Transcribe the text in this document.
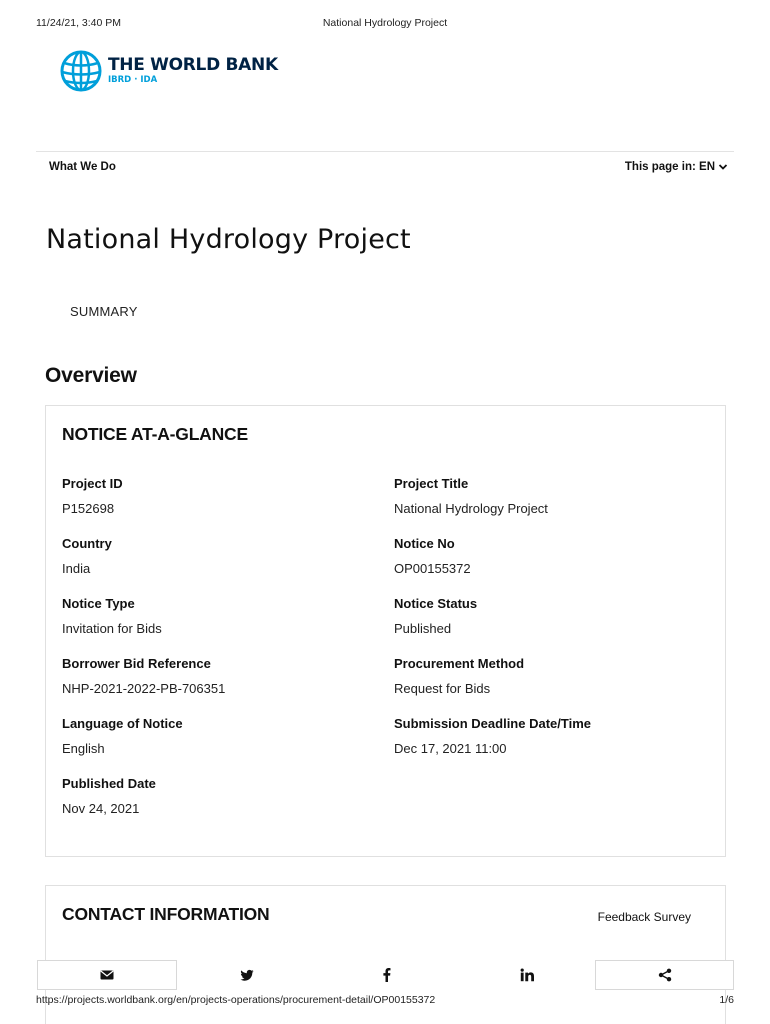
11/24/21, 3:40 PM	National Hydrology Project
THE WORLD BANK
IBRD · IDA
What We Do	This page in: EN
National Hydrology Project
SUMMARY
Overview
NOTICE AT-A-GLANCE
Project ID
P152698
Project Title
National Hydrology Project
Country
India
Notice No
OP00155372
Notice Type
Invitation for Bids
Notice Status
Published
Borrower Bid Reference
NHP-2021-2022-PB-706351
Procurement Method
Request for Bids
Language of Notice
English
Submission Deadline Date/Time
Dec 17, 2021 11:00
Published Date
Nov 24, 2021
CONTACT INFORMATION	Feedback Survey
https://projects.worldbank.org/en/projects-operations/procurement-detail/OP00155372	1/6
